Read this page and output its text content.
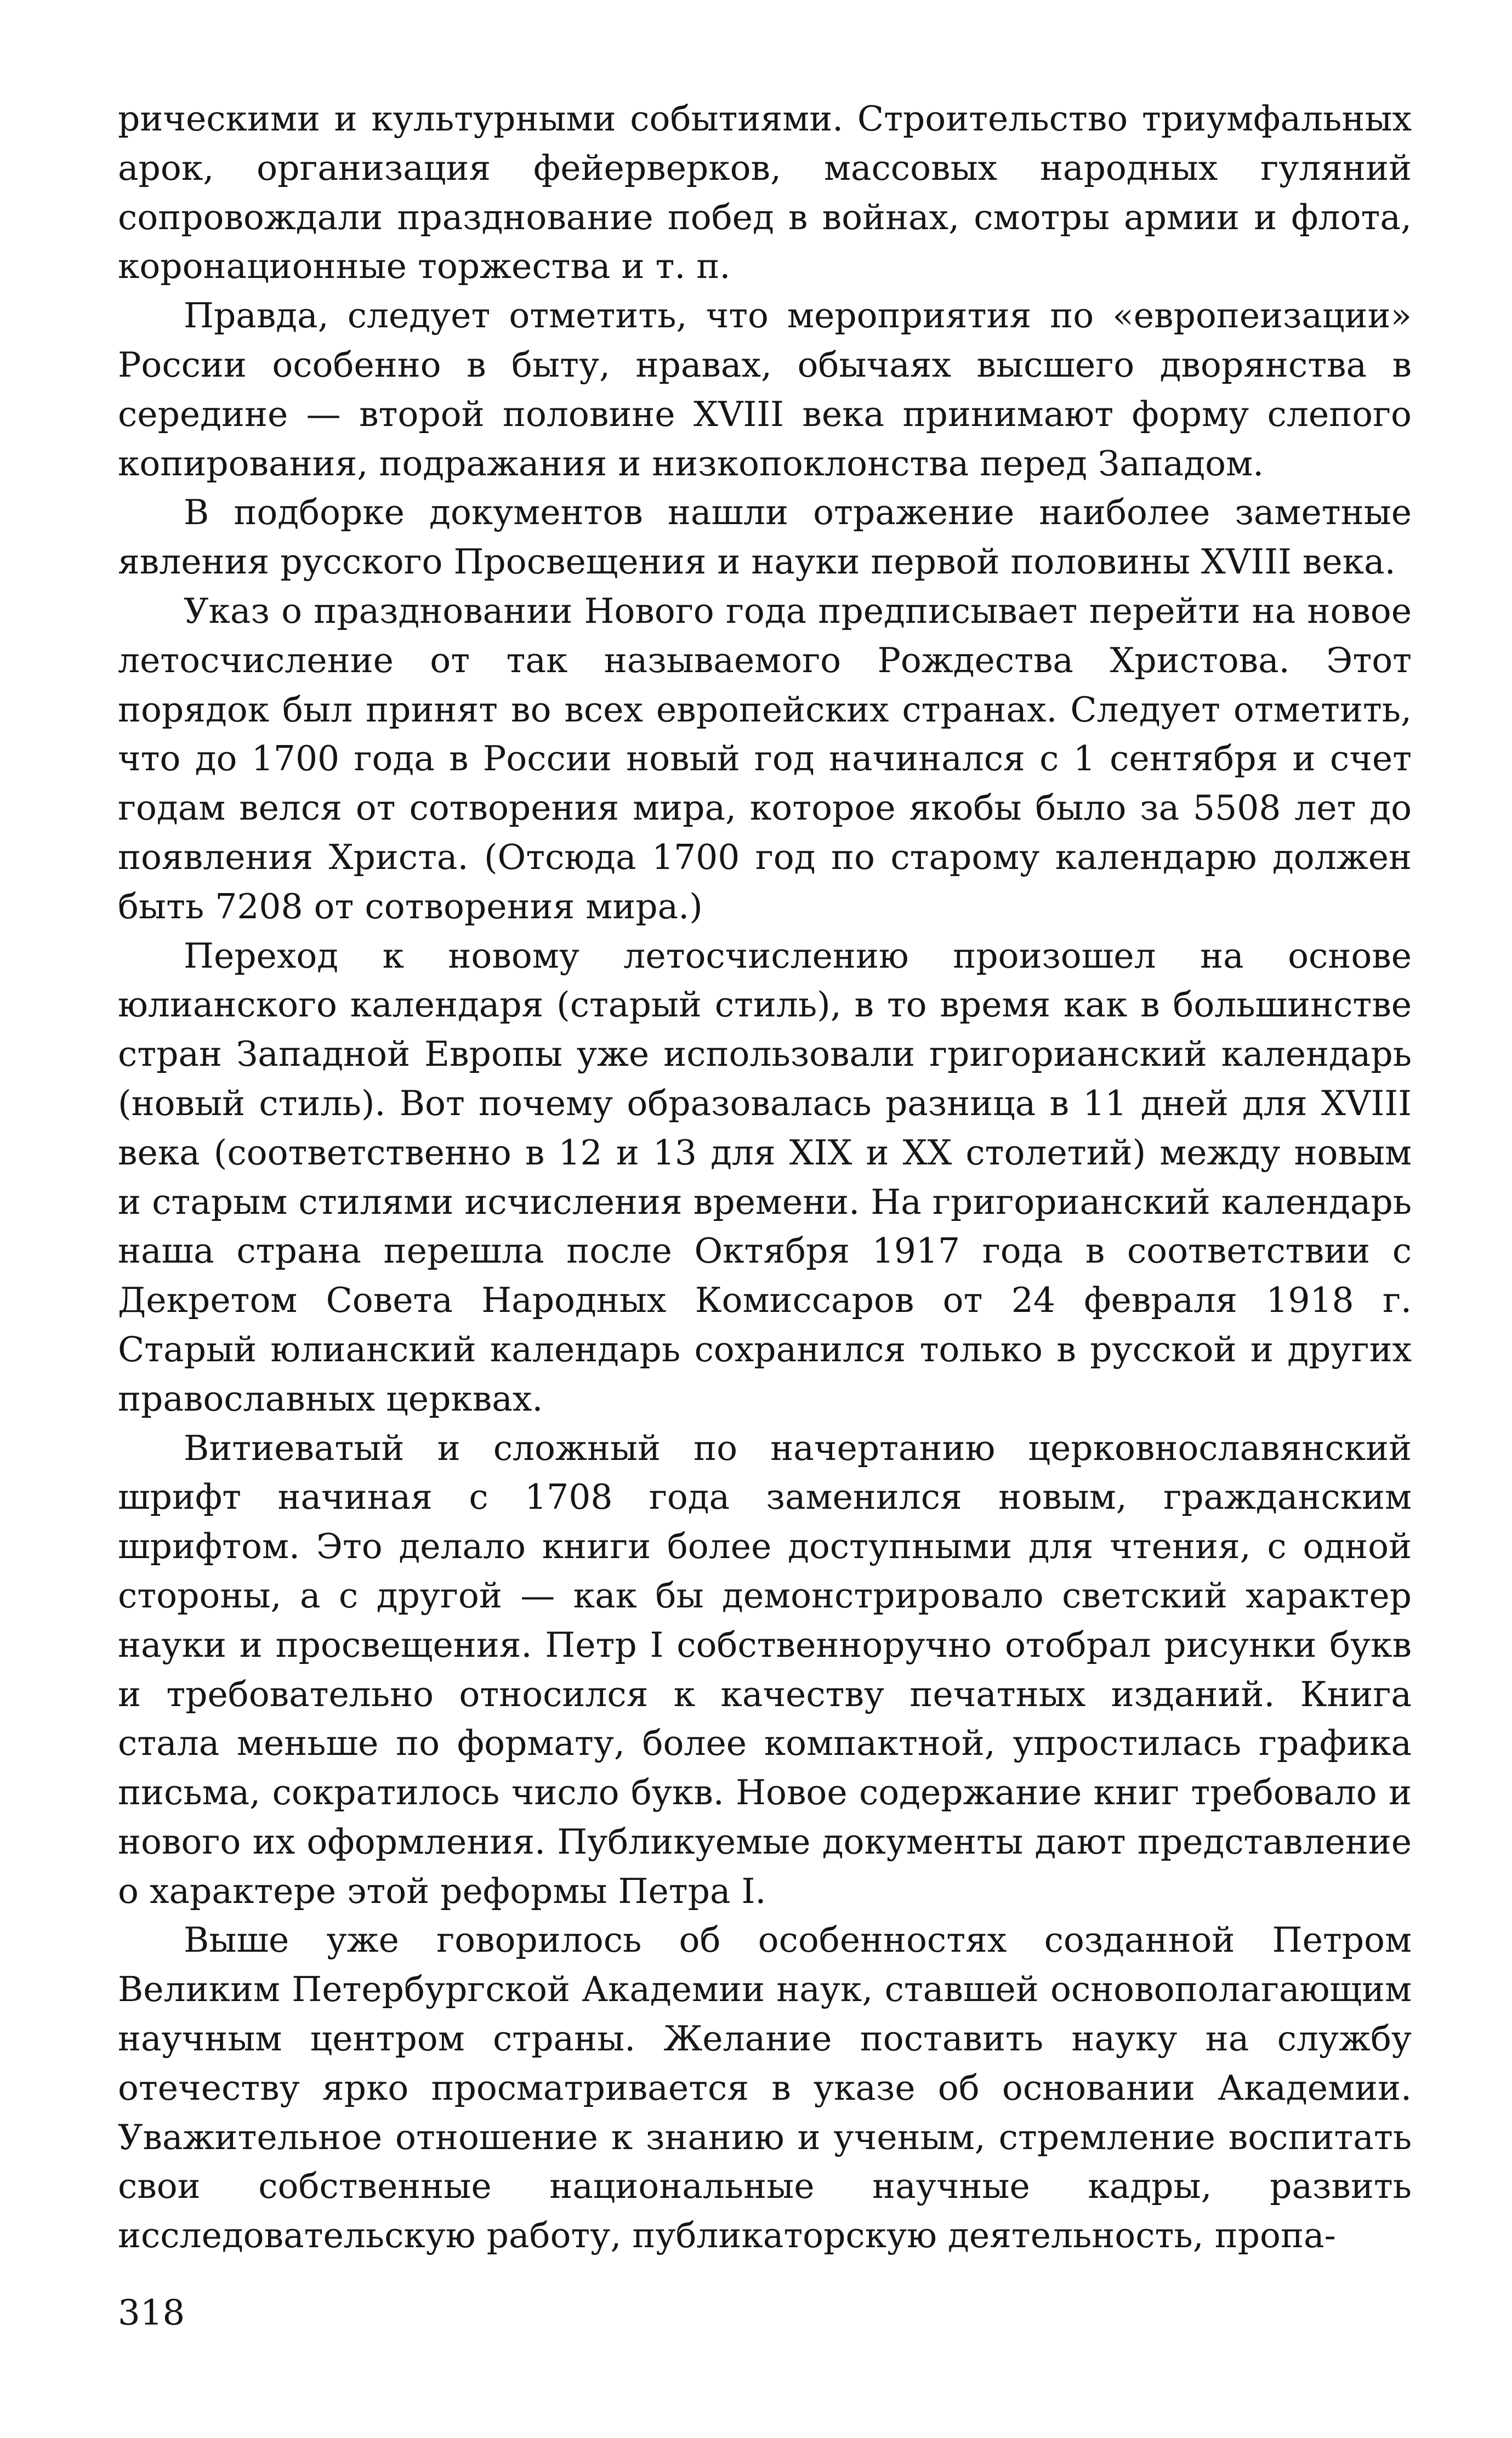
рическими и культурными событиями. Строительство триумфальных арок, организация фейерверков, массовых народных гуляний сопровождали празднование побед в войнах, смотры армии и флота, коронационные торжества и т. п.

Правда, следует отметить, что мероприятия по «европеизации» России особенно в быту, нравах, обычаях высшего дворянства в середине — второй половине XVIII века принимают форму слепого копирования, подражания и низкопоклонства перед Западом.

В подборке документов нашли отражение наиболее заметные явления русского Просвещения и науки первой половины XVIII века.

Указ о праздновании Нового года предписывает перейти на новое летосчисление от так называемого Рождества Христова. Этот порядок был принят во всех европейских странах. Следует отметить, что до 1700 года в России новый год начинался с 1 сентября и счет годам велся от сотворения мира, которое якобы было за 5508 лет до появления Христа. (Отсюда 1700 год по старому календарю должен быть 7208 от сотворения мира.)

Переход к новому летосчислению произошел на основе юлианского календаря (старый стиль), в то время как в большинстве стран Западной Европы уже использовали григорианский календарь (новый стиль). Вот почему образовалась разница в 11 дней для XVIII века (соответственно в 12 и 13 для XIX и XX столетий) между новым и старым стилями исчисления времени. На григорианский календарь наша страна перешла после Октября 1917 года в соответствии с Декретом Совета Народных Комиссаров от 24 февраля 1918 г. Старый юлианский календарь сохранился только в русской и других православных церквах.

Витиеватый и сложный по начертанию церковнославянский шрифт начиная с 1708 года заменился новым, гражданским шрифтом. Это делало книги более доступными для чтения, с одной стороны, а с другой — как бы демонстрировало светский характер науки и просвещения. Петр I собственноручно отобрал рисунки букв и требовательно относился к качеству печатных изданий. Книга стала меньше по формату, более компактной, упростилась графика письма, сократилось число букв. Новое содержание книг требовало и нового их оформления. Публикуемые документы дают представление о характере этой реформы Петра I.

Выше уже говорилось об особенностях созданной Петром Великим Петербургской Академии наук, ставшей основополагающим научным центром страны. Желание поставить науку на службу отечеству ярко просматривается в указе об основании Академии. Уважительное отношение к знанию и ученым, стремление воспитать свои собственные национальные научные кадры, развить исследовательскую работу, публикаторскую деятельность, пропа-

318
